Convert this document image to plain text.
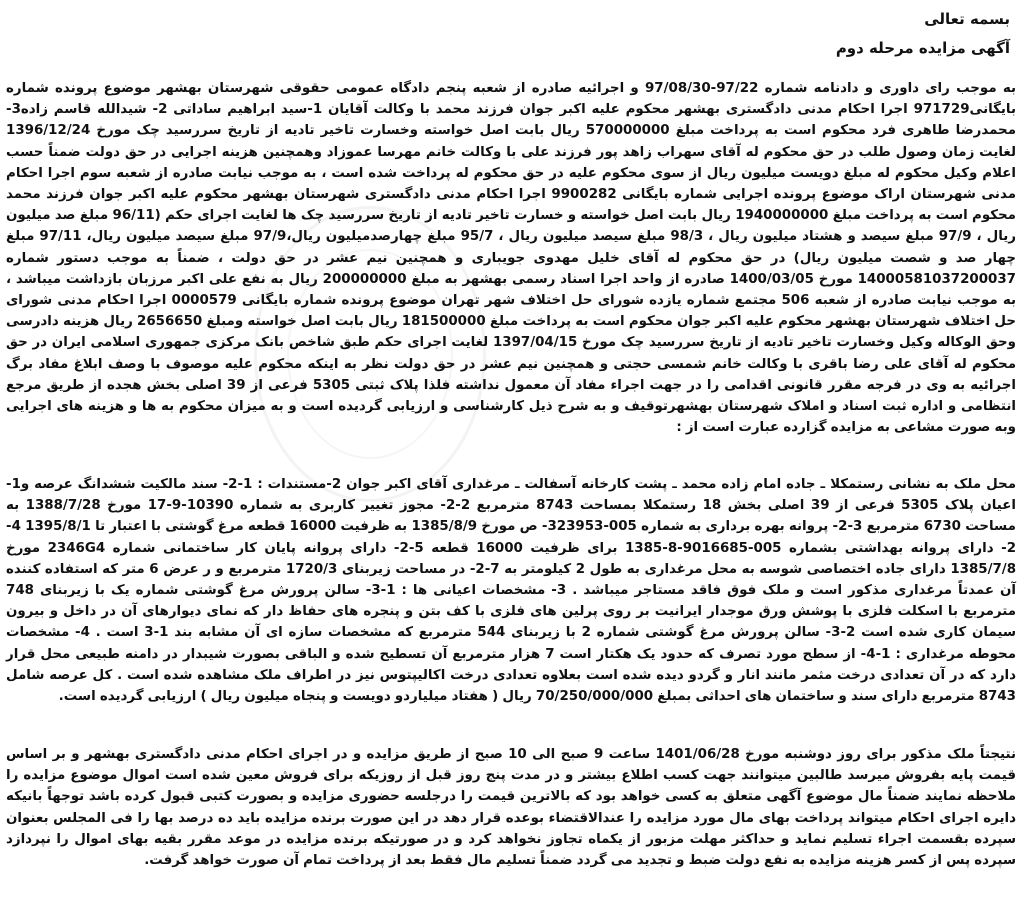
بسمه تعالی
آگهی مزایده مرحله دوم

به موجب رای داوری و دادنامه شماره 97/22-97/08/30 و اجرائیه صادره از شعبه پنجم دادگاه عمومی حقوقی شهرستان بهشهر موضوع پرونده شماره بایگانی971729 اجرا احکام مدنی دادگستری بهشهر محکوم علیه اکبر جوان فرزند محمد با وکالت آقایان 1-سید ابراهیم ساداتی 2- شیدالله قاسم زاده3- محمدرضا طاهری فرد محکوم است به پرداخت مبلغ 570000000 ریال بابت اصل خواسته وخسارت تاخیر تادیه از تاریخ سررسید چک مورخ 1396/12/24 لغایت زمان وصول طلب در حق محکوم له آقای سهراب زاهد پور فرزند علی با وکالت خانم مهرسا عموزاد وهمچنین هزینه اجرایی در حق دولت ضمناً حسب اعلام وکیل محکوم له مبلغ دویست میلیون ریال از سوی محکوم علیه در حق محکوم له پرداخت شده است ، به موجب نیابت صادره از شعبه سوم اجرا احکام مدنی شهرستان اراک موضوع پرونده اجرایی شماره بایگانی 9900282 اجرا احکام مدنی دادگستری شهرستان بهشهر محکوم علیه اکبر جوان فرزند محمد محکوم است به پرداخت مبلغ 1940000000 ریال بابت اصل خواسته و خسارت تاخیر تادیه از تاریخ سررسید چک ها لغایت اجرای حکم (96/11 مبلغ صد میلیون ریال ، 97/9 مبلغ سیصد و هشتاد میلیون ریال ، 98/3 مبلغ سیصد میلیون ریال ، 95/7 مبلغ چهارصدمیلیون ریال،97/9 مبلغ سیصد میلیون ریال، 97/11 مبلغ چهار صد و شصت میلیون ریال) در حق محکوم له آقای خلیل مهدوی جویباری و همچنین نیم عشر در حق دولت ، ضمناً به موجب دستور شماره 14000581037200037 مورخ 1400/03/05 صادره از واحد اجرا اسناد رسمی بهشهر به مبلغ 200000000 ریال به نفع علی اکبر مرزبان بازداشت میباشد ، به موجب نیابت صادره از شعبه 506 مجتمع شماره یازده شورای حل اختلاف شهر تهران موضوع پرونده شماره بایگانی 0000579 اجرا احکام مدنی شورای حل اختلاف شهرستان بهشهر محکوم علیه اکبر جوان محکوم است به پرداخت مبلغ 181500000 ریال بابت اصل خواسته ومبلغ 2656650 ریال هزینه دادرسی وحق الوکاله وکیل وخسارت تاخیر تادیه از تاریخ سررسید چک مورخ 1397/04/15 لغایت اجرای حکم طبق شاخص بانک مرکزی جمهوری اسلامی ایران در حق محکوم له آقای علی رضا باقری با وکالت خانم شمسی حجتی و همچنین نیم عشر در حق دولت نظر به اینکه محکوم علیه موصوف با وصف ابلاغ مفاد برگ اجرائیه به وی در فرجه مقرر قانونی اقدامی را در جهت اجراء مفاد آن معمول نداشته فلذا پلاک ثبتی 5305 فرعی از 39 اصلی بخش هجده از طریق مرجع انتظامی و اداره ثبت اسناد و املاک شهرستان بهشهرتوقیف و به شرح ذیل کارشناسی و ارزیابی گردیده است و به میزان محکوم به ها و هزینه های اجرایی وبه صورت مشاعی به مزایده گزارده عبارت است از :

محل ملک به نشانی رستمکلا ـ جاده امام زاده محمد ـ پشت کارخانه آسفالت ـ مرغداری آقای اکبر جوان 2-مستندات : 1-2- سند مالکیت ششدانگ عرصه و1-اعیان پلاک 5305 فرعی از 39 اصلی بخش 18 رستمکلا بمساحت 8743 مترمربع 2-2- مجوز تغییر کاربری به شماره 10390-9-17 مورخ 1388/7/28 به مساحت 6730 مترمربع 3-2- پروانه بهره برداری به شماره 005-323953- ص مورخ 1385/8/9 به ظرفیت 16000 قطعه مرغ گوشتی با اعتبار تا 1395/8/1 4-2- دارای پروانه بهداشتی بشماره 005-9016685-8-1385 برای ظرفیت 16000 قطعه 5-2- دارای پروانه پایان کار ساختمانی شماره 2346G4 مورخ 1385/7/8 دارای جاده اختصاصی شوسه به محل مرغداری به طول 2 کیلومتر به 7-2- در مساحت زیربنای 1720/3 مترمربع و ر عرض 6 متر که استفاده کننده آن عمدتاً مرغداری مذکور است و ملک فوق فاقد مستاجر میباشد . 3- مشخصات اعیانی ها : 1-3- سالن پرورش مرغ گوشتی شماره یک با زیربنای 748 مترمربع با اسکلت فلزی با پوشش ورق موجدار ایرانیت بر روی پرلین های فلزی با کف بتن و پنجره های حفاظ دار که نمای دیوارهای آن در داخل و بیرون سیمان کاری شده است 2-3- سالن پرورش مرغ گوشتی شماره 2 با زیربنای 544 مترمربع که مشخصات سازه ای آن مشابه بند 1-3 است . 4- مشخصات محوطه مرغداری : 1-4- از سطح مورد تصرف که حدود یک هکتار است 7 هزار مترمربع آن تسطیح شده و الباقی بصورت شیبدار در دامنه طبیعی محل قرار دارد که در آن تعدادی درخت مثمر مانند انار و گردو دیده شده است بعلاوه تعدادی درخت اکالیپتوس نیز در اطراف ملک مشاهده شده است . کل عرصه شامل 8743 مترمربع دارای سند و ساختمان های احداثی بمبلغ 70/250/000/000 ریال ( هفتاد میلیاردو دویست و پنجاه میلیون ریال ) ارزیابی گردیده است.

نتیجتاً ملک مذکور برای روز دوشنبه مورخ 1401/06/28 ساعت 9 صبح الی 10 صبح از طریق مزایده و در اجرای احکام مدنی دادگستری بهشهر و بر اساس قیمت پایه بفروش میرسد طالبین میتوانند جهت کسب اطلاع بیشتر و در مدت پنج روز قبل از روزیکه برای فروش معین شده است اموال موضوع مزایده را ملاحظه نمایند ضمناً مال موضوع آگهی متعلق به کسی خواهد بود که بالاترین قیمت را درجلسه حضوری مزایده و بصورت کتبی قبول کرده باشد توجهاً بانیکه دایره اجرای احکام میتواند پرداخت بهای مال مورد مزایده را عندالاقتضاء بوعده قرار دهد در این صورت برنده مزایده باید ده درصد بها را فی المجلس بعنوان سپرده بقسمت اجراء تسلیم نماید و حداکثر مهلت مزبور از یکماه تجاوز نخواهد کرد و در صورتیکه برنده مزایده در موعد مقرر بقیه بهای اموال را نپردازد سپرده پس از کسر هزینه مزایده به نفع دولت ضبط و تجدید می گردد ضمناً تسلیم مال فقط بعد از پرداخت تمام آن صورت خواهد گرفت.
